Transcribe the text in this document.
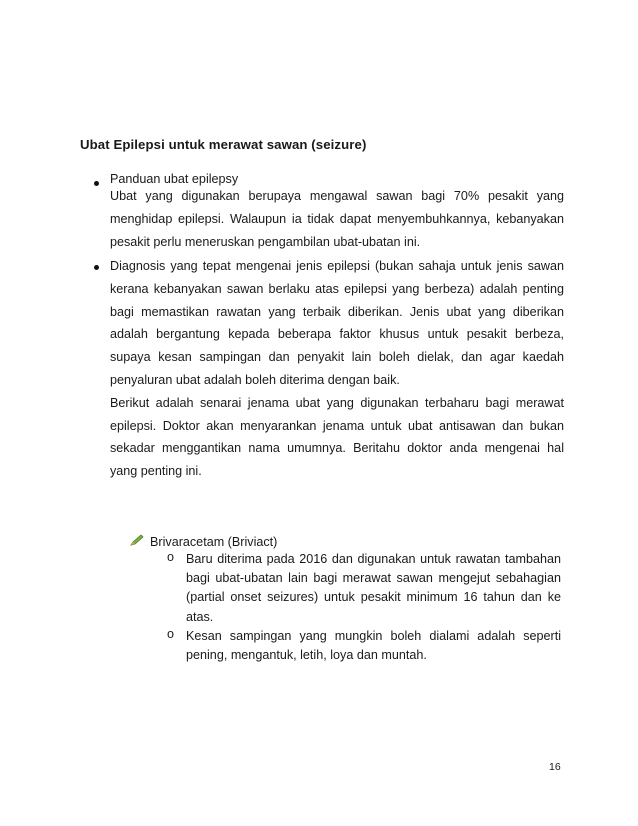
Ubat Epilepsi untuk merawat sawan (seizure)
Panduan ubat epilepsy

Ubat yang digunakan berupaya mengawal sawan bagi 70% pesakit yang menghidap epilepsi. Walaupun ia tidak dapat menyembuhkannya, kebanyakan pesakit perlu meneruskan pengambilan ubat-ubatan ini.

Diagnosis yang tepat mengenai jenis epilepsi (bukan sahaja untuk jenis sawan kerana kebanyakan sawan berlaku atas epilepsi yang berbeza) adalah penting bagi memastikan rawatan yang terbaik diberikan. Jenis ubat yang diberikan adalah bergantung kepada beberapa faktor khusus untuk pesakit berbeza, supaya kesan sampingan dan penyakit lain boleh dielak, dan agar kaedah penyaluran ubat adalah boleh diterima dengan baik.

Berikut adalah senarai jenama ubat yang digunakan terbaharu bagi merawat epilepsi. Doktor akan menyarankan jenama untuk ubat antisawan dan bukan sekadar menggantikan nama umumnya. Beritahu doktor anda mengenai hal yang penting ini.

Brivaracetam (Briviact)
o Baru diterima pada 2016 dan digunakan untuk rawatan tambahan bagi ubat-ubatan lain bagi merawat sawan mengejut sebahagian (partial onset seizures) untuk pesakit minimum 16 tahun dan ke atas.
o Kesan sampingan yang mungkin boleh dialami adalah seperti pening, mengantuk, letih, loya dan muntah.
16
